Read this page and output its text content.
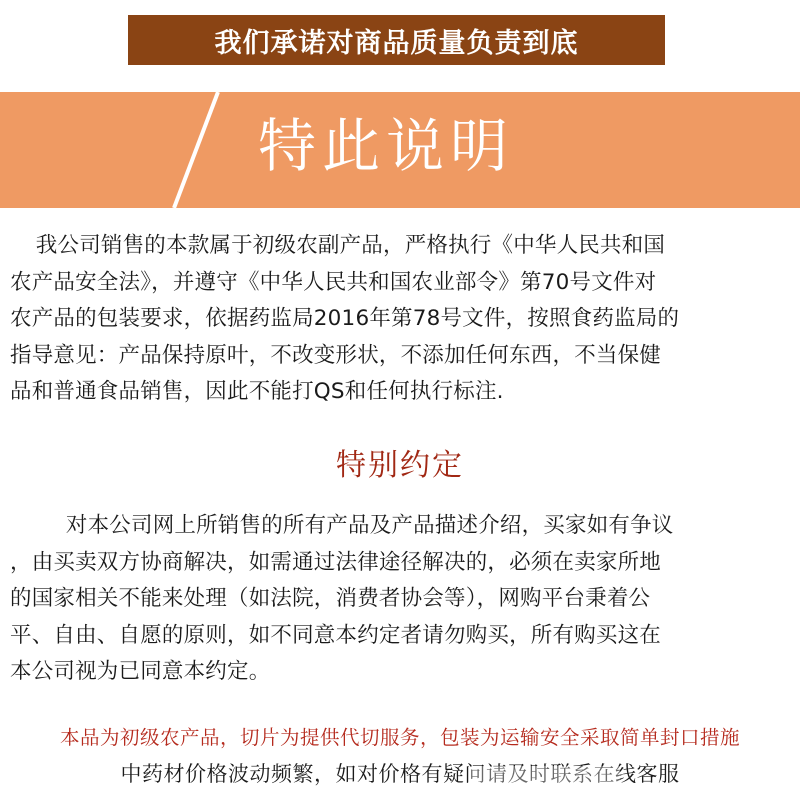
我们承诺对商品质量负责到底
特此说明
我公司销售的本款属于初级农副产品，严格执行《中华人民共和国
农产品安全法》，并遵守《中华人民共和国农业部令》第70号文件对
农产品的包装要求，依据药监局2016年第78号文件，按照食药监局的
指导意见：产品保持原叶，不改变形状，不添加任何东西，不当保健
品和普通食品销售，因此不能打QS和任何执行标注.
特别约定
对本公司网上所销售的所有产品及产品描述介绍，买家如有争议
，由买卖双方协商解决，如需通过法律途径解决的，必须在卖家所地
的国家相关不能来处理（如法院，消费者协会等），网购平台秉着公
平、自由、自愿的原则，如不同意本约定者请勿购买，所有购买这在
本公司视为已同意本约定。
本品为初级农产品，切片为提供代切服务，包装为运输安全采取简单封口措施
中药材价格波动频繁，如对价格有疑问请及时联系在线客服
